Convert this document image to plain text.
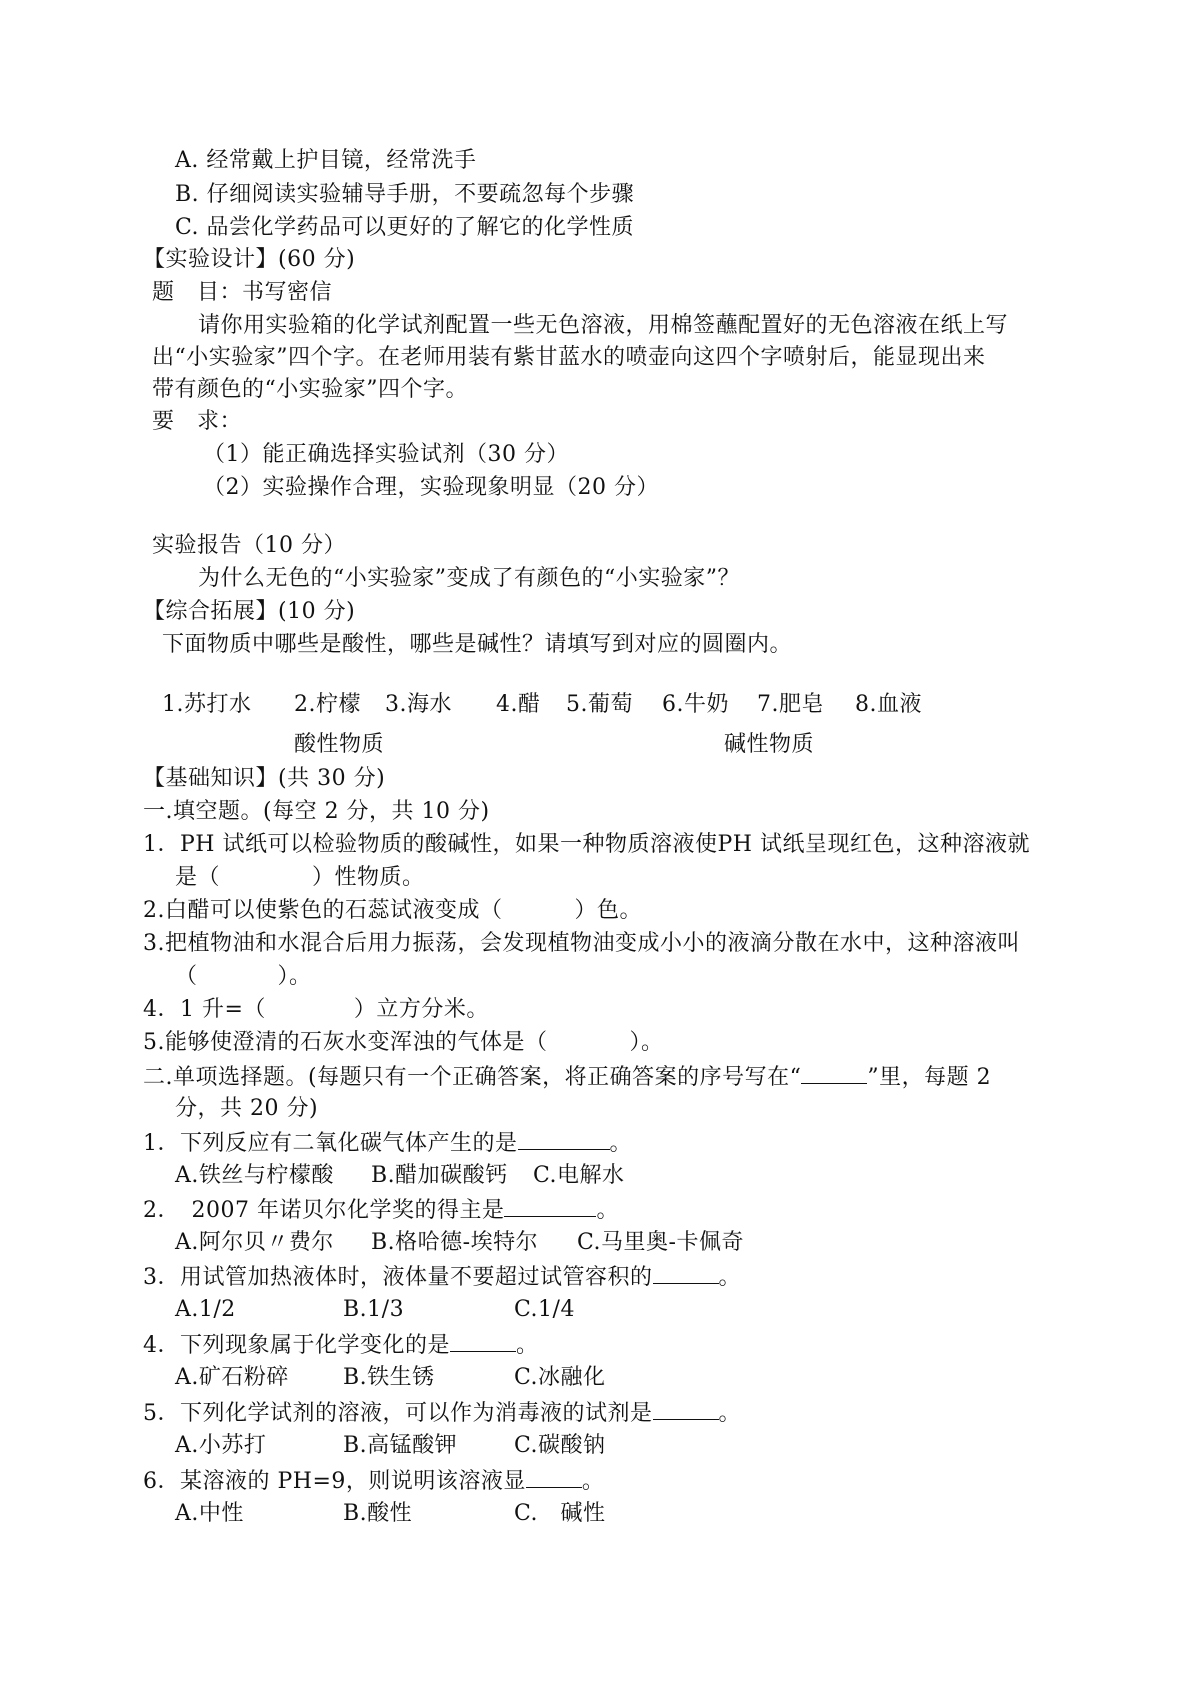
A. 经常戴上护目镜，经常洗手
B. 仔细阅读实验辅导手册，不要疏忽每个步骤
C. 品尝化学药品可以更好的了解它的化学性质
【实验设计】(60 分)
题　目：书写密信
请你用实验箱的化学试剂配置一些无色溶液，用棉签蘸配置好的无色溶液在纸上写
出“小实验家”四个字。在老师用装有紫甘蓝水的喷壶向这四个字喷射后，能显现出来
带有颜色的“小实验家”四个字。
要　求：
（1）能正确选择实验试剂（30 分）
（2）实验操作合理，实验现象明显（20 分）
实验报告（10 分）
为什么无色的“小实验家”变成了有颜色的“小实验家”？
【综合拓展】(10 分)
下面物质中哪些是酸性，哪些是碱性？请填写到对应的圆圈内。
1.苏打水 2.柠檬 3.海水 4.醋 5.葡萄 6.牛奶 7.肥皂 8.血液
酸性物质	碱性物质
【基础知识】(共 30 分)
一.填空题。(每空 2 分，共 10 分)
1．PH 试纸可以检验物质的酸碱性，如果一种物质溶液使PH 试纸呈现红色，这种溶液就
是（	）性物质。
2.白醋可以使紫色的石蕊试液变成（	）色。
3.把植物油和水混合后用力振荡，会发现植物油变成小小的液滴分散在水中，这种溶液叫
（	）。
4．1 升=（	）立方分米。
5.能够使澄清的石灰水变浑浊的气体是（	）。
二.单项选择题。(每题只有一个正确答案，将正确答案的序号写在“	”里，每题 2
分，共 20 分)
1．下列反应有二氧化碳气体产生的是	。
A.铁丝与柠檬酸 B.醋加碳酸钙 C.电解水
2．　2007 年诺贝尔化学奖的得主是	。
A.阿尔贝〃费尔 B.格哈德-埃特尔 C.马里奥-卡佩奇
3．用试管加热液体时，液体量不要超过试管容积的	。
A.1/2	B.1/3	C.1/4
4．下列现象属于化学变化的是	。
A.矿石粉碎 B.铁生锈	C.冰融化
5．下列化学试剂的溶液，可以作为消毒液的试剂是	。
A.小苏打	B.高锰酸钾	C.碳酸钠
6．某溶液的 PH=9，则说明该溶液显	。
A.中性	B.酸性	C.　碱性
